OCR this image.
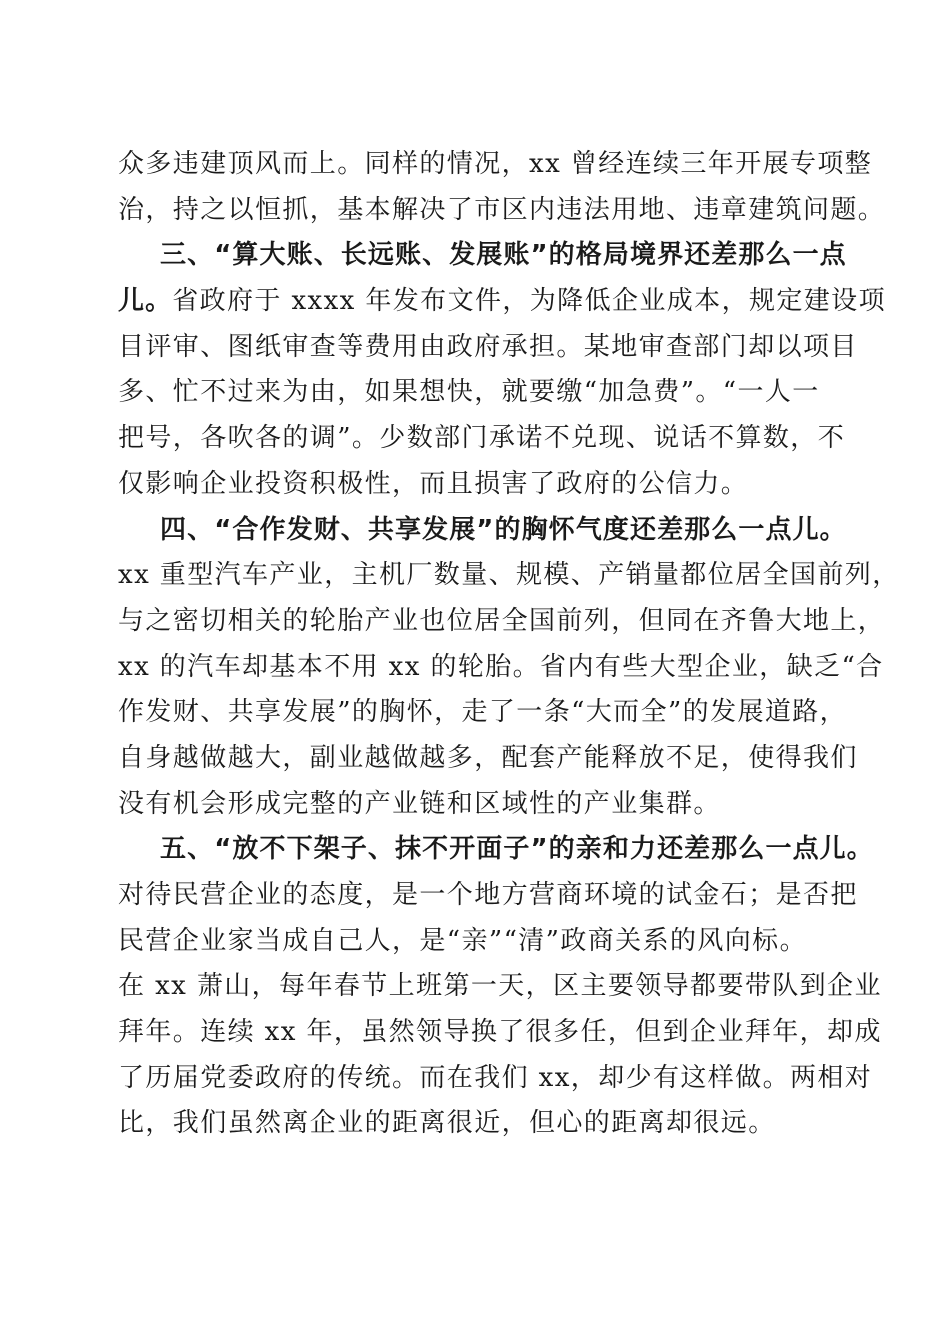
众多违建顶风而上。同样的情况，xx 曾经连续三年开展专项整
治，持之以恒抓，基本解决了市区内违法用地、违章建筑问题。
三、“算大账、长远账、发展账”的格局境界还差那么一点
儿。省政府于 xxxx 年发布文件，为降低企业成本，规定建设项
目评审、图纸审查等费用由政府承担。某地审查部门却以项目
多、忙不过来为由，如果想快，就要缴“加急费”。“一人一
把号，各吹各的调”。少数部门承诺不兑现、说话不算数，不
仅影响企业投资积极性，而且损害了政府的公信力。
四、“合作发财、共享发展”的胸怀气度还差那么一点儿。
xx 重型汽车产业，主机厂数量、规模、产销量都位居全国前列，
与之密切相关的轮胎产业也位居全国前列，但同在齐鲁大地上，
xx 的汽车却基本不用 xx 的轮胎。省内有些大型企业，缺乏“合
作发财、共享发展”的胸怀，走了一条“大而全”的发展道路，
自身越做越大，副业越做越多，配套产能释放不足，使得我们
没有机会形成完整的产业链和区域性的产业集群。
五、“放不下架子、抹不开面子”的亲和力还差那么一点儿。
对待民营企业的态度，是一个地方营商环境的试金石；是否把
民营企业家当成自己人，是“亲”“清”政商关系的风向标。
在 xx 萧山，每年春节上班第一天，区主要领导都要带队到企业
拜年。连续 xx 年，虽然领导换了很多任，但到企业拜年，却成
了历届党委政府的传统。而在我们 xx，却少有这样做。两相对
比，我们虽然离企业的距离很近，但心的距离却很远。
